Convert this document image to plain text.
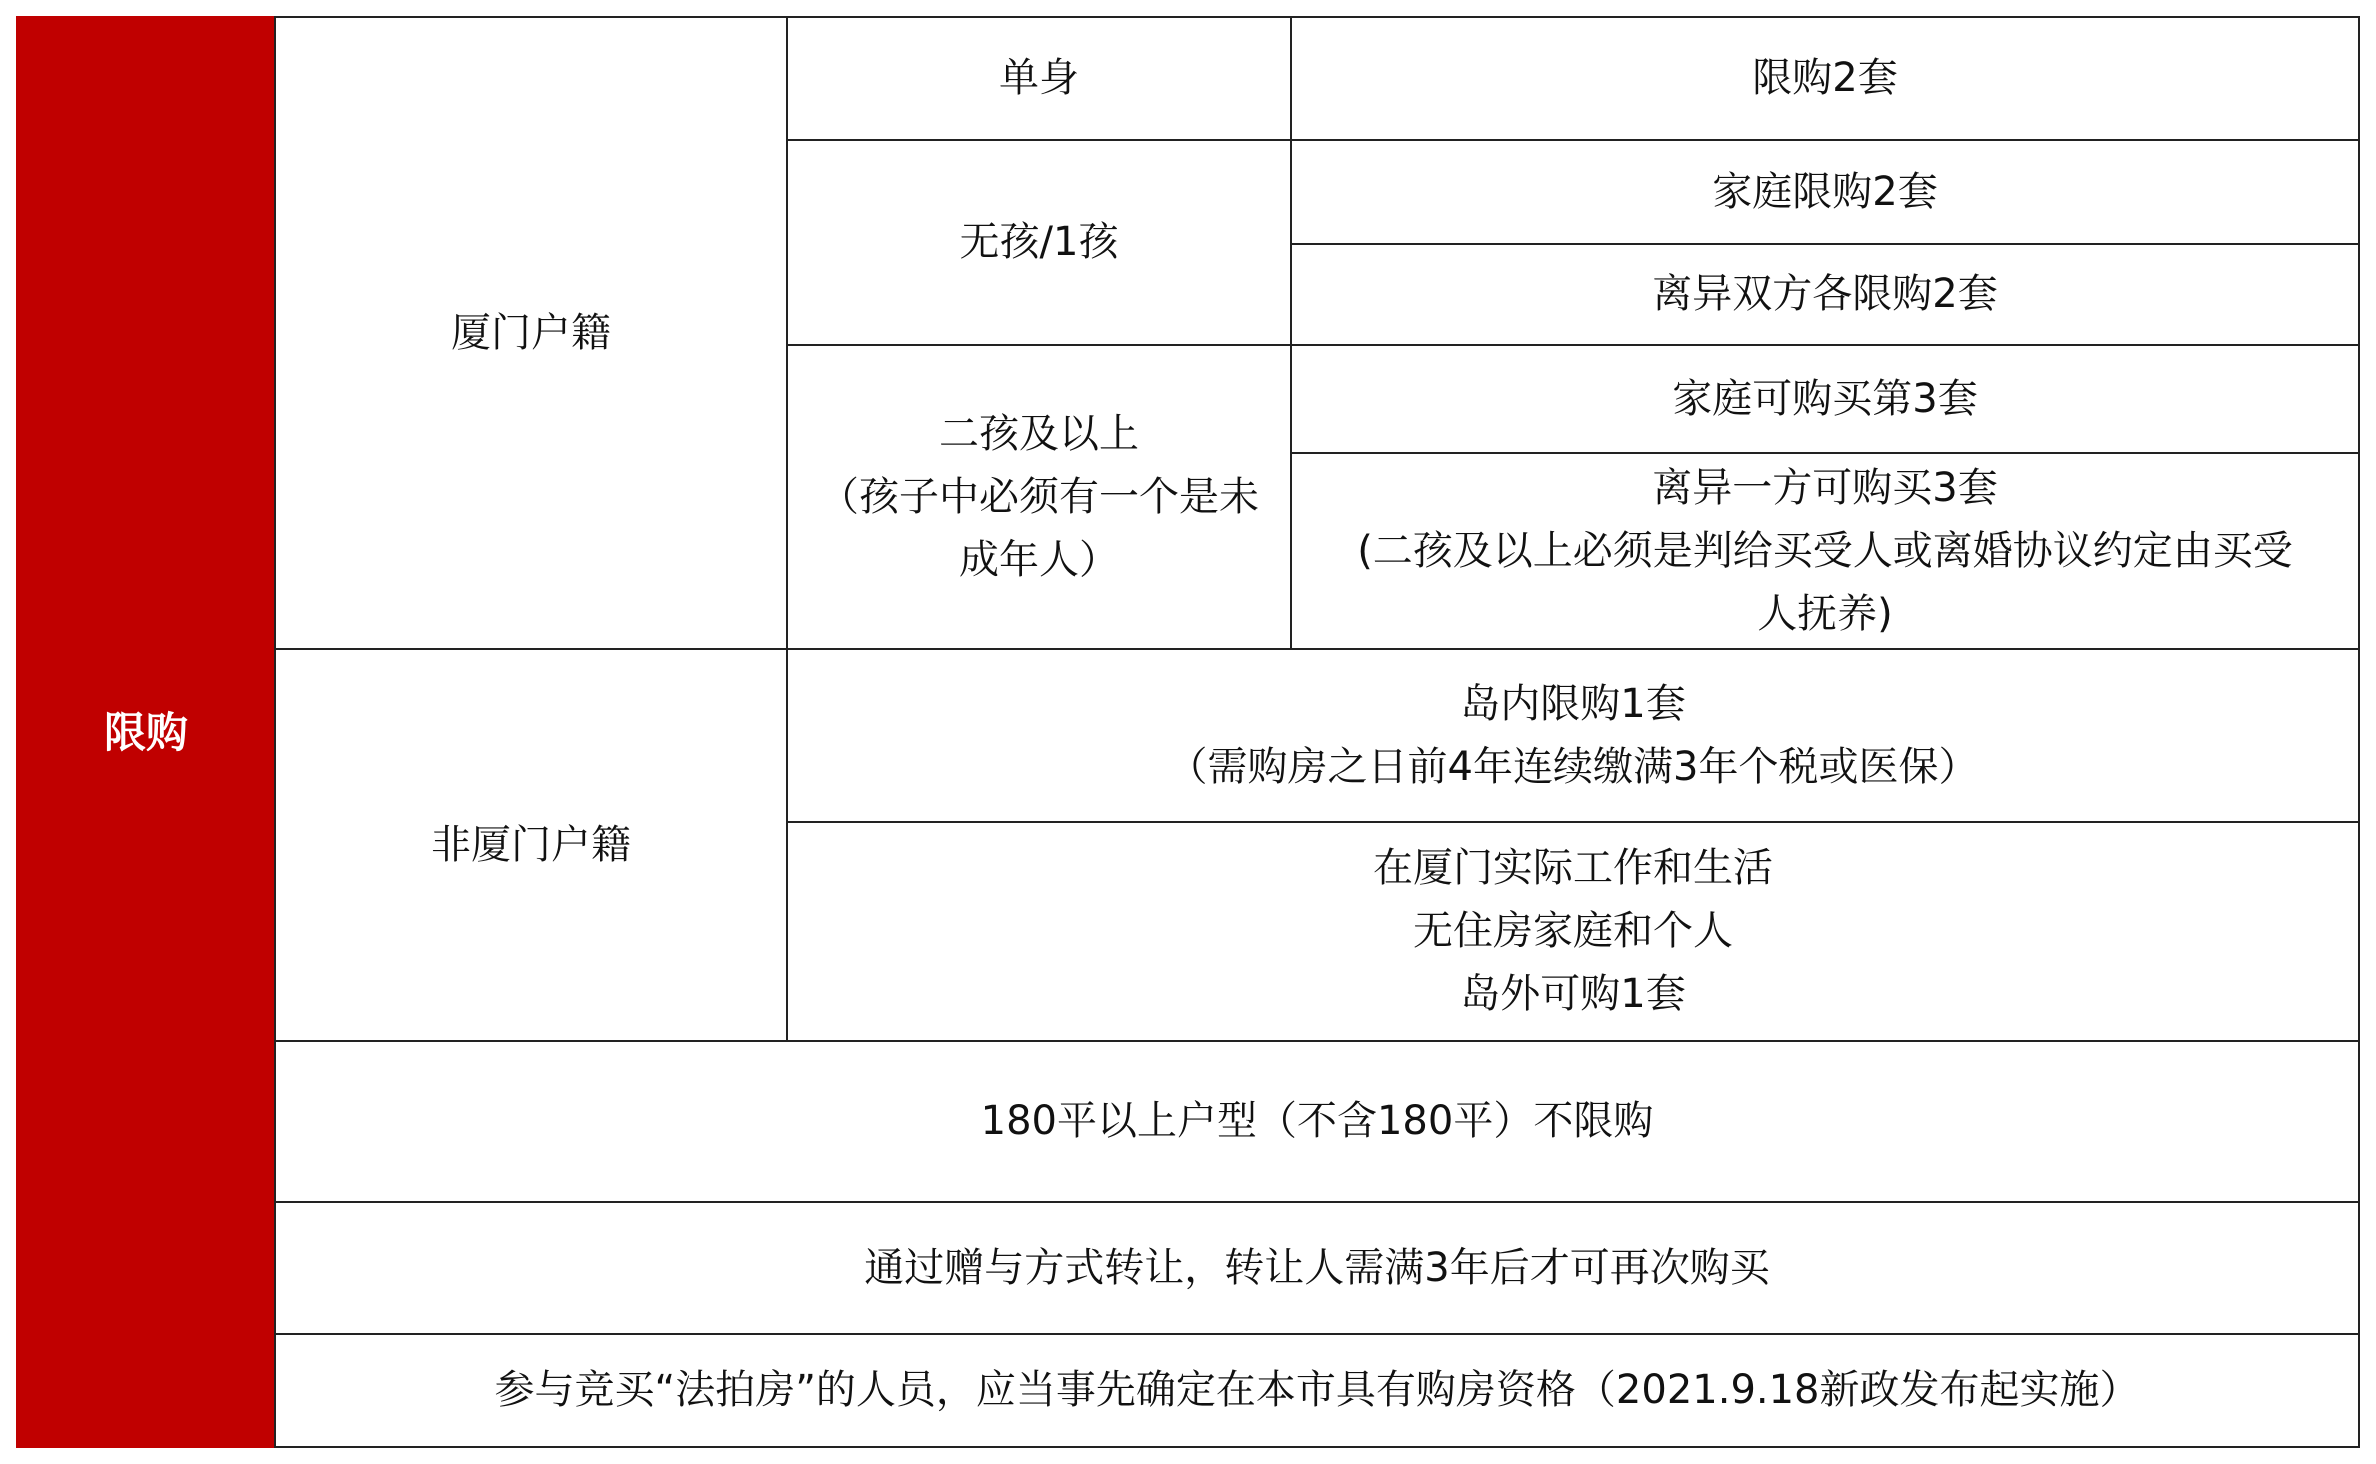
限购
厦门户籍
单身	限购2套
无孩/1孩
家庭限购2套
离异双方各限购2套
二孩及以上
（孩子中必须有一个是未
成年人）
家庭可购买第3套
离异一方可购买3套
(二孩及以上必须是判给买受人或离婚协议约定由买受
人抚养)
非厦门户籍
岛内限购1套
（需购房之日前4年连续缴满3年个税或医保）
在厦门实际工作和生活
无住房家庭和个人
岛外可购1套
180平以上户型（不含180平）不限购
通过赠与方式转让，转让人需满3年后才可再次购买
参与竞买“法拍房”的人员，应当事先确定在本市具有购房资格（2021.9.18新政发布起实施）
